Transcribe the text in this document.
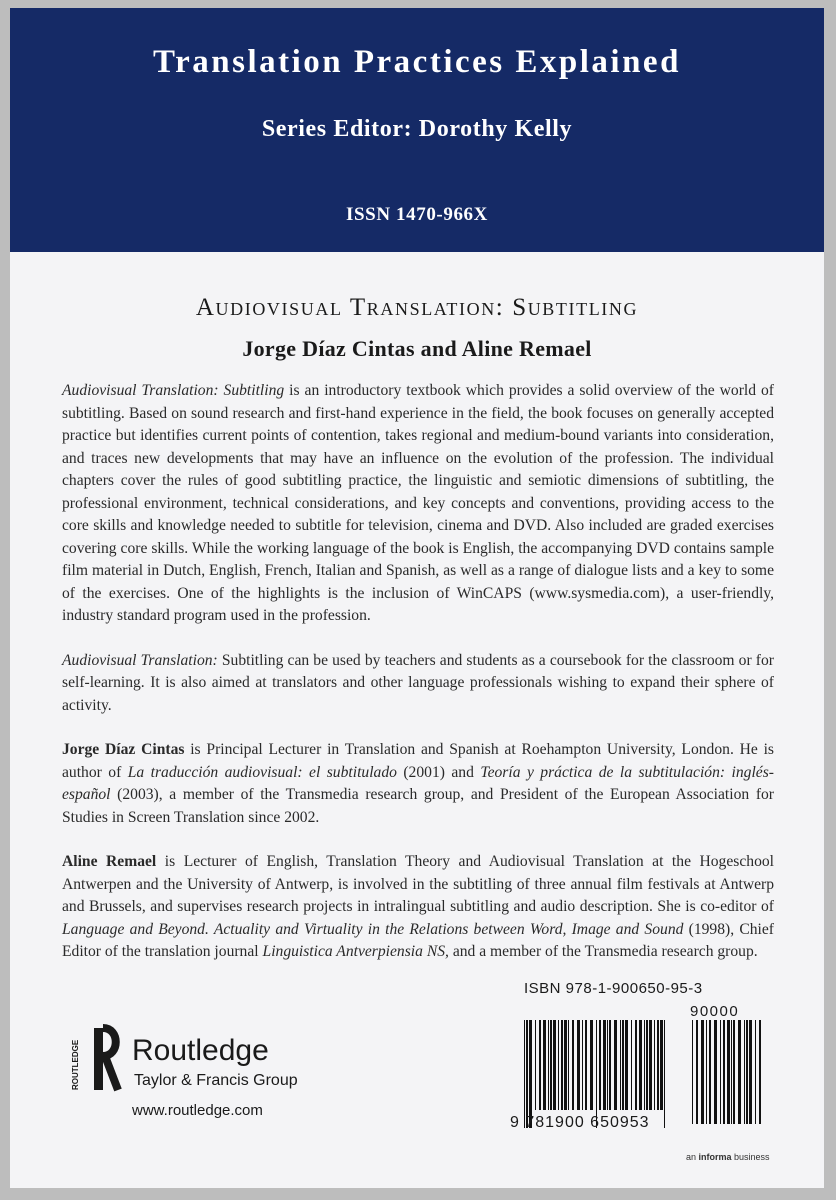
Translation Practices Explained
Series Editor: Dorothy Kelly
ISSN 1470-966X
Audiovisual Translation: Subtitling
Jorge Díaz Cintas and Aline Remael

Audiovisual Translation: Subtitling is an introductory textbook which provides a solid overview of the world of subtitling. Based on sound research and first-hand experience in the field, the book focuses on generally accepted practice but identifies current points of contention, takes regional and medium-bound variants into consideration, and traces new developments that may have an influence on the evolution of the profession. The individual chapters cover the rules of good subtitling practice, the linguistic and semiotic dimensions of subtitling, the professional environment, technical considerations, and key concepts and conventions, providing access to the core skills and knowledge needed to subtitle for television, cinema and DVD. Also included are graded exercises covering core skills. While the working language of the book is English, the accompanying DVD contains sample film material in Dutch, English, French, Italian and Spanish, as well as a range of dialogue lists and a key to some of the exercises. One of the highlights is the inclusion of WinCAPS (www.sysmedia.com), a user-friendly, industry standard program used in the profession.

Audiovisual Translation: Subtitling can be used by teachers and students as a coursebook for the classroom or for self-learning. It is also aimed at translators and other language professionals wishing to expand their sphere of activity.

Jorge Díaz Cintas is Principal Lecturer in Translation and Spanish at Roehampton University, London. He is author of La traducción audiovisual: el subtitulado (2001) and Teoría y práctica de la subtitulación: inglés-español (2003), a member of the Transmedia research group, and President of the European Association for Studies in Screen Translation since 2002.

Aline Remael is Lecturer of English, Translation Theory and Audiovisual Translation at the Hogeschool Antwerpen and the University of Antwerp, is involved in the subtitling of three annual film festivals at Antwerp and Brussels, and supervises research projects in intralingual subtitling and audio description. She is co-editor of Language and Beyond. Actuality and Virtuality in the Relations between Word, Image and Sound (1998), Chief Editor of the translation journal Linguistica Antverpiensia NS, and a member of the Transmedia research group.

ROUTLEDGE Routledge
Taylor & Francis Group
www.routledge.com
ISBN 978-1-900650-95-3
90000
9 781900 650953
an informa business
